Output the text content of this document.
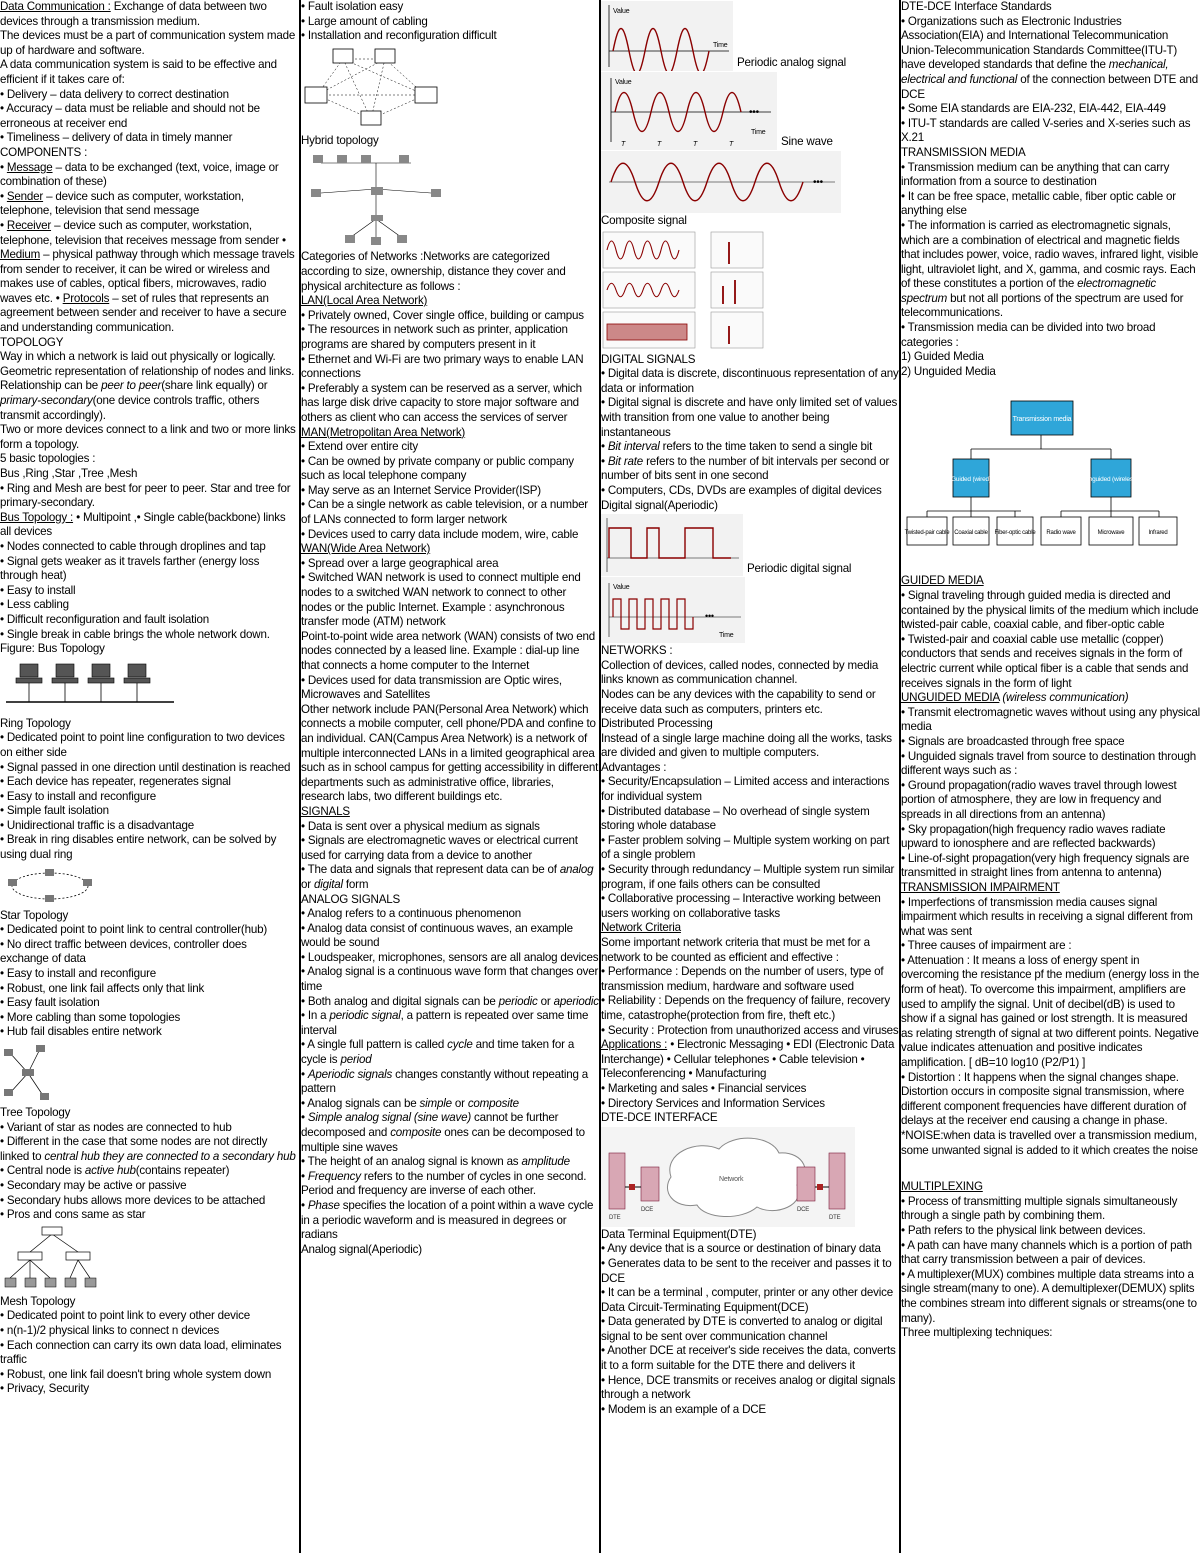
Data Communication : Exchange of data between two devices through a transmission medium.

The devices must be a part of communication system made up of hardware and software.

A data communication system is said to be effective and efficient if it takes care of:

• Delivery – data delivery to correct destination

• Accuracy – data must be reliable and should not be erroneous at receiver end

• Timeliness – delivery of data in timely manner

COMPONENTS :

• Message – data to be exchanged (text, voice, image or combination of these)

• Sender – device such as computer, workstation, telephone, television that send message

• Receiver – device such as computer, workstation, telephone, television that receives message from sender • Medium – physical pathway through which message travels from sender to receiver, it can be wired or wireless and makes use of cables, optical fibers, microwaves, radio waves etc. • Protocols – set of rules that represents an agreement between sender and receiver to have a secure and understanding communication.

TOPOLOGY

Way in which a network is laid out physically or logically.

Geometric representation of relationship of nodes and links.

Relationship can be peer to peer(share link equally) or primary-secondary(one device controls traffic, others transmit accordingly).

Two or more devices connect to a link and two or more links form a topology.

5 basic topologies :

Bus ,Ring ,Star ,Tree ,Mesh

• Ring and Mesh are best for peer to peer. Star and tree for primary-secondary.

Bus Topology : • Multipoint ,• Single cable(backbone) links all devices

• Nodes connected to cable through droplines and tap

• Signal gets weaker as it travels farther (energy loss through heat)

• Easy to install

• Less cabling

• Difficult reconfiguration and fault isolation

• Single break in cable brings the whole network down.

Figure: Bus Topology

Ring Topology

• Dedicated point to point line configuration to two devices on either side

• Signal passed in one direction until destination is reached

• Each device has repeater, regenerates signal

• Easy to install and reconfigure

• Simple fault isolation

• Unidirectional traffic is a disadvantage

• Break in ring disables entire network, can be solved by using dual ring

Star Topology

• Dedicated point to point link to central controller(hub)

• No direct traffic between devices, controller does exchange of data

• Easy to install and reconfigure

• Robust, one link fail affects only that link

• Easy fault isolation

• More cabling than some topologies

• Hub fail disables entire network

Tree Topology

• Variant of star as nodes are connected to hub

• Different in the case that some nodes are not directly linked to central hub they are connected to a secondary hub

• Central node is active hub(contains repeater)

• Secondary may be active or passive

• Secondary hubs allows more devices to be attached

• Pros and cons same as star

Mesh Topology

• Dedicated point to point link to every other device

• n(n-1)/2 physical links to connect n devices

• Each connection can carry its own data load, eliminates traffic

• Robust, one link fail doesn't bring whole system down

• Privacy, Security

• Fault isolation easy

• Large amount of cabling

• Installation and reconfiguration difficult

Hybrid topology

Categories of Networks :Networks are categorized according to size, ownership, distance they cover and physical architecture as follows :

LAN(Local Area Network)

• Privately owned, Cover single office, building or campus

• The resources in network such as printer, application programs are shared by computers present in it

• Ethernet and Wi-Fi are two primary ways to enable LAN connections

• Preferably a system can be reserved as a server, which has large disk drive capacity to store major software and others as client who can access the services of server

MAN(Metropolitan Area Network)

• Extend over entire city

• Can be owned by private company or public company such as local telephone company

• May serve as an Internet Service Provider(ISP)

• Can be a single network as cable television, or a number of LANs connected to form larger network

• Devices used to carry data include modem, wire, cable

WAN(Wide Area Network)

• Spread over a large geographical area

• Switched WAN network is used to connect multiple end nodes to a switched WAN network to connect to other nodes or the public Internet. Example : asynchronous transfer mode (ATM) network

Point-to-point wide area network (WAN) consists of two end nodes connected by a leased line. Example : dial-up line that connects a home computer to the Internet

• Devices used for data transmission are Optic wires, Microwaves and Satellites

Other network include PAN(Personal Area Network) which connects a mobile computer, cell phone/PDA and confine to an individual. CAN(Campus Area Network) is a network of multiple interconnected LANs in a limited geographical area such as in school campus for getting accessibility in different departments such as administrative office, libraries, research labs, two different buildings etc.

SIGNALS

• Data is sent over a physical medium as signals

• Signals are electromagnetic waves or electrical current used for carrying data from a device to another

• The data and signals that represent data can be of analog or digital form

ANALOG SIGNALS

• Analog refers to a continuous phenomenon

• Analog data consist of continuous waves, an example would be sound

• Loudspeaker, microphones, sensors are all analog devices

• Analog signal is a continuous wave form that changes over time

• Both analog and digital signals can be periodic or aperiodic

• In a periodic signal, a pattern is repeated over same time interval

• A single full pattern is called cycle and time taken for a cycle is period

• Aperiodic signals changes constantly without repeating a pattern

• Analog signals can be simple or composite

• Simple analog signal (sine wave) cannot be further decomposed and composite ones can be decomposed to multiple sine waves

• The height of an analog signal is known as amplitude

• Frequency refers to the number of cycles in one second. Period and frequency are inverse of each other.

• Phase specifies the location of a point within a wave cycle in a periodic waveform and is measured in degrees or radians

Analog signal(Aperiodic)

Value
Time
Periodic analog signal
•••
Value
Time
T	T	T	T	Sine wave
•••

Composite signal

DIGITAL SIGNALS

• Digital data is discrete, discontinuous representation of any data or information

• Digital signal is discrete and have only limited set of values with transition from one value to another being instantaneous

• Bit interval refers to the time taken to send a single bit

• Bit rate refers to the number of bit intervals per second or number of bits sent in one second

• Computers, CDs, DVDs are examples of digital devices

Digital signal(Aperiodic)

Periodic digital signal
•••
Value
Time

NETWORKS :

Collection of devices, called nodes, connected by media links known as communication channel.

Nodes can be any devices with the capability to send or receive data such as computers, printers etc.

Distributed Processing

Instead of a single large machine doing all the works, tasks are divided and given to multiple computers.

Advantages :

• Security/Encapsulation – Limited access and interactions for individual system

• Distributed database – No overhead of single system storing whole database

• Faster problem solving – Multiple system working on part of a single problem

• Security through redundancy – Multiple system run similar program, if one fails others can be consulted

• Collaborative processing – Interactive working between users working on collaborative tasks

Network Criteria

Some important network criteria that must be met for a network to be counted as efficient and effective :

• Performance : Depends on the number of users, type of transmission medium, hardware and software used

• Reliability : Depends on the frequency of failure, recovery time, catastrophe(protection from fire, theft etc.)

• Security : Protection from unauthorized access and viruses

Applications : • Electronic Messaging • EDI (Electronic Data Interchange) • Cellular telephones • Cable television • Teleconferencing • Manufacturing

• Marketing and sales • Financial services

• Directory Services and Information Services

DTE-DCE INTERFACE

Network
DTE
DCE	DCE
DTE

Data Terminal Equipment(DTE)

• Any device that is a source or destination of binary data

• Generates data to be sent to the receiver and passes it to DCE

• It can be a terminal , computer, printer or any other device

Data Circuit-Terminating Equipment(DCE)

• Data generated by DTE is converted to analog or digital signal to be sent over communication channel

• Another DCE at receiver's side receives the data, converts it to a form suitable for the DTE there and delivers it

• Hence, DCE transmits or receives analog or digital signals through a network

• Modem is an example of a DCE

DTE-DCE Interface Standards

• Organizations such as Electronic Industries Association(EIA) and International Telecommunication Union-Telecommunication Standards Committee(ITU-T) have developed standards that define the mechanical, electrical and functional of the connection between DTE and DCE

• Some EIA standards are EIA-232, EIA-442, EIA-449

• ITU-T standards are called V-series and X-series such as X.21

TRANSMISSION MEDIA

• Transmission medium can be anything that can carry information from a source to destination

• It can be free space, metallic cable, fiber optic cable or anything else

• The information is carried as electromagnetic signals, which are a combination of electrical and magnetic fields that includes power, voice, radio waves, infrared light, visible light, ultraviolet light, and X, gamma, and cosmic rays. Each of these constitutes a portion of the electromagnetic spectrum but not all portions of the spectrum are used for telecommunications.

• Transmission media can be divided into two broad categories :

1) Guided Media

2) Unguided Media

Transmission media
Guided (wired)	Unguided (wireless)
Twisted-pair cable Coaxial cable Fiber-optic cable Radio wave	Microwave	Infrared

GUIDED MEDIA

• Signal traveling through guided media is directed and contained by the physical limits of the medium which include twisted-pair cable, coaxial cable, and fiber-optic cable

• Twisted-pair and coaxial cable use metallic (copper) conductors that sends and receives signals in the form of electric current while optical fiber is a cable that sends and receives signals in the form of light

UNGUIDED MEDIA (wireless communication)

• Transmit electromagnetic waves without using any physical media

• Signals are broadcasted through free space

• Unguided signals travel from source to destination through different ways such as :

• Ground propagation(radio waves travel through lowest portion of atmosphere, they are low in frequency and spreads in all directions from an antenna)

• Sky propagation(high frequency radio waves radiate upward to ionosphere and are reflected backwards)

• Line-of-sight propagation(very high frequency signals are transmitted in straight lines from antenna to antenna)

TRANSMISSION IMPAIRMENT

• Imperfections of transmission media causes signal impairment which results in receiving a signal different from what was sent

• Three causes of impairment are :

• Attenuation : It means a loss of energy spent in overcoming the resistance pf the medium (energy loss in the form of heat). To overcome this impairment, amplifiers are used to amplify the signal. Unit of decibel(dB) is used to show if a signal has gained or lost strength. It is measured as relating strength of signal at two different points. Negative value indicates attenuation and positive indicates amplification. [ dB=10 log10 (P2/P1) ]

• Distortion : It happens when the signal changes shape. Distortion occurs in composite signal transmission, where different component frequencies have different duration of delays at the receiver end causing a change in phase.

*NOISE:when data is travelled over a transmission medium, some unwanted signal is added to it which creates the noise

MULTIPLEXING

• Process of transmitting multiple signals simultaneously through a single path by combining them.

• Path refers to the physical link between devices.

• A path can have many channels which is a portion of path that carry transmission between a pair of devices.

• A multiplexer(MUX) combines multiple data streams into a single stream(many to one). A demultiplexer(DEMUX) splits the combines stream into different signals or streams(one to many).

Three multiplexing techniques:
